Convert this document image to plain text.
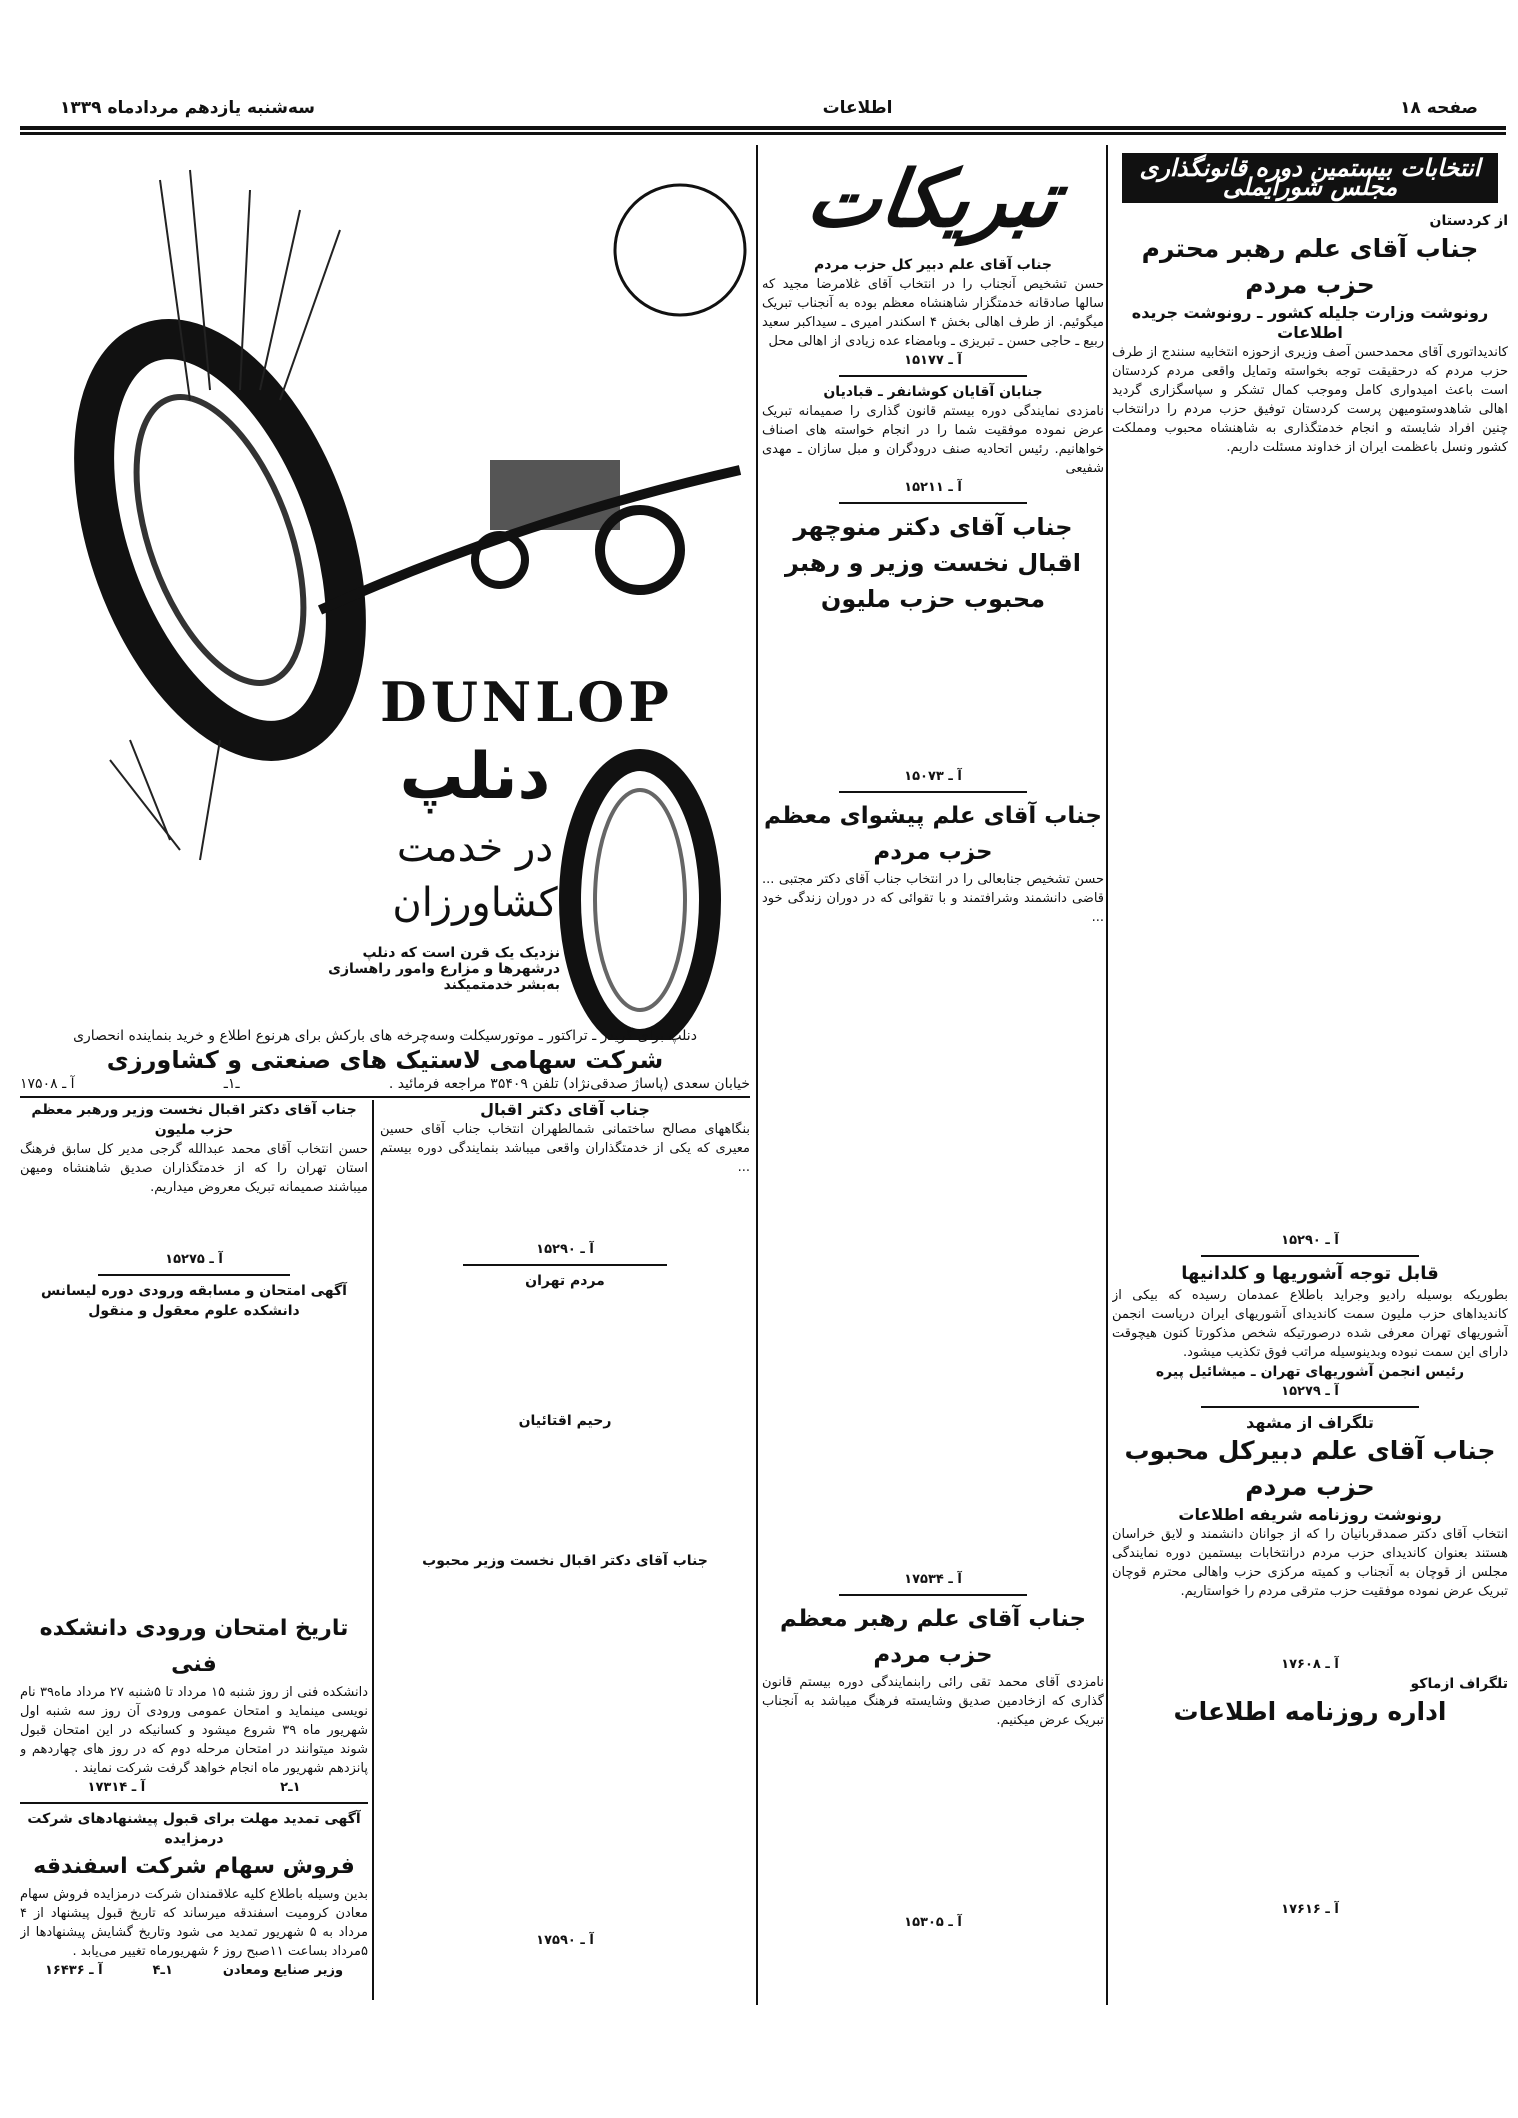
صفحه ۱۸
اطلاعات
سه‌شنبه یازدهم مردادماه ۱۳۳۹
انتخابات بیستمین دوره قانونگذاری مجلس شورایملی
از کردستان
جناب آقای علم رهبر محترم حزب مردم
رونوشت وزارت جلیله کشور ـ رونوشت جریده اطلاعات

کاندیداتوری آقای محمدحسن آصف وزیری ازحوزه انتخابیه سنندج از طرف حزب مردم که درحقیقت توجه بخواسته وتمایل واقعی مردم کردستان است باعث امیدواری کامل وموجب کمال تشکر و سپاسگزاری گردید اهالی شاهدوستومیهن پرست کردستان توفیق حزب مردم را درانتخاب چنین افراد شایسته و انجام خدمتگذاری به شاهنشاه محبوب ومملکت کشور ونسل باعظمت ایران از خداوند مسئلت داریم.

آ ـ ۱۵۲۹۰
قابل توجه آشوریها و کلدانیها

بطوریکه بوسیله رادیو وجراید باطلاع عمدمان رسیده که بیکی از کاندیداهای حزب ملیون سمت کاندیدای آشوریهای ایران دریاست انجمن آشوریهای تهران معرفی شده درصورتیکه شخص مذکورتا کنون هیچوقت دارای این سمت نبوده وبدینوسیله مراتب فوق تکذیب میشود.

رئیس انجمن آشوریهای تهران ـ میشائیل پیره
آ ـ ۱۵۲۷۹
تلگراف از مشهد
جناب آقای علم دبیرکل محبوب حزب مردم
رونوشت روزنامه شریفه اطلاعات

انتخاب آقای دکتر صمدقربانیان را که از جوانان دانشمند و لایق خراسان هستند بعنوان کاندیدای حزب مردم درانتخابات بیستمین دوره نمایندگی مجلس از قوچان به آنجناب و کمیته مرکزی حزب واهالی محترم قوچان تبریک عرض نموده موفقیت حزب مترقی مردم را خواستاریم.

آ ـ ۱۷۶۰۸
تلگراف ازماکو
اداره روزنامه اطلاعات
آ ـ ۱۷۶۱۶
تبریکات
جناب آقای علم دبیر کل حزب مردم

حسن تشخیص آنجناب را در انتخاب آقای غلامرضا مجید که سالها صادقانه خدمتگزار شاهنشاه معظم بوده به آنجناب تبریک میگوئیم. از طرف اهالی بخش ۴ اسکندر امیری ـ سیداکبر سعید ربیع ـ حاجی حسن ـ تبریزی ـ وبامضاء عده زیادی از اهالی محل

آ ـ ۱۵۱۷۷
جنابان آقایان کوشانفر ـ قبادیان

نامزدی نمایندگی دوره بیستم قانون گذاری را صمیمانه تبریک عرض نموده موفقیت شما را در انجام خواسته های اصناف خواهانیم. رئیس اتحادیه صنف درودگران و مبل سازان ـ مهدی شفیعی

آ ـ ۱۵۲۱۱
جناب آقای دکتر منوچهر اقبال نخست وزیر و رهبر محبوب حزب ملیون
آ ـ ۱۵۰۷۳
جناب آقای علم پیشوای معظم حزب مردم

حسن تشخیص جنابعالی را در انتخاب جناب آقای دکتر مجتبی ... قاضی دانشمند وشرافتمند و با تقوائی که در دوران زندگی خود ...

آ ـ ۱۷۵۳۴
جناب آقای علم رهبر معظم حزب مردم

نامزدی آقای محمد تقی رائی رابنمایندگی دوره بیستم قانون گذاری که ازخادمین صدیق وشایسته فرهنگ میباشد به آنجناب تبریک عرض میکنیم.

آ ـ ۱۵۳۰۵
DUNLOP
دنلپ
در خدمت
کشاورزان
نزدیک یک قرن است که دنلپ درشهرها و مزارع وامور راهسازی به‌بشر خدمتمیکند
دنلپ برای گریدر ـ تراکتور ـ موتورسیکلت وسه‌چرخه های بارکش برای هرنوع اطلاع و خرید بنماینده انحصاری
شرکت سهامی لاستیک های صنعتی و کشاورزی
خیابان سعدی (پاساژ صدقی‌نژاد) تلفن ۳۵۴۰۹ مراجعه فرمائید .
ـ۱ـ
آ ـ ۱۷۵۰۸
جناب آقای دکتر اقبال

بنگاههای مصالح ساختمانی شمالطهران انتخاب جناب آقای حسین معیری که یکی از خدمتگذاران واقعی میباشد بنمایندگی دوره بیستم ...

آ ـ ۱۵۲۹۰
مردم تهران
رحیم اقتائیان
جناب آقای دکتر اقبال نخست وزیر محبوب
آ ـ ۱۷۵۹۰
جناب آقای دکتر اقبال نخست وزیر ورهبر معظم حزب ملیون

حسن انتخاب آقای محمد عبدالله گرجی مدیر کل سابق فرهنگ استان تهران را که از خدمتگذاران صدیق شاهنشاه ومیهن میباشند صمیمانه تبریک معروض میداریم.

آ ـ ۱۵۲۷۵
آگهی امتحان و مسابقه ورودی دوره لیسانس دانشکده علوم معقول و منقول
تاریخ امتحان ورودی دانشکده فنی

دانشکده فنی از روز شنبه ۱۵ مرداد تا ۵شنبه ۲۷ مرداد ماه۳۹ نام نویسی مینماید و امتحان عمومی ورودی آن روز سه شنبه اول شهریور ماه ۳۹ شروع میشود و کسانیکه در این امتحان قبول شوند میتوانند در امتحان مرحله دوم که در روز های چهاردهم و پانزدهم شهریور ماه انجام خواهد گرفت شرکت نمایند .

۱ـ۲
آ ـ ۱۷۳۱۴
آگهی تمدید مهلت برای قبول پیشنهادهای شرکت درمزایده
فروش سهام شرکت اسفندقه

بدین وسیله باطلاع کلیه علاقمندان شرکت درمزایده فروش سهام معادن کرومیت اسفندقه میرساند که تاریخ قبول پیشنهاد از ۴ مرداد به ۵ شهریور تمدید می شود وتاریخ گشایش پیشنهادها از ۵مرداد بساعت ۱۱صبح روز ۶ شهریورماه تغییر می‌یابد .

وزیر صنایع ومعادن
۱ـ۴
آ ـ ۱۶۴۳۶
